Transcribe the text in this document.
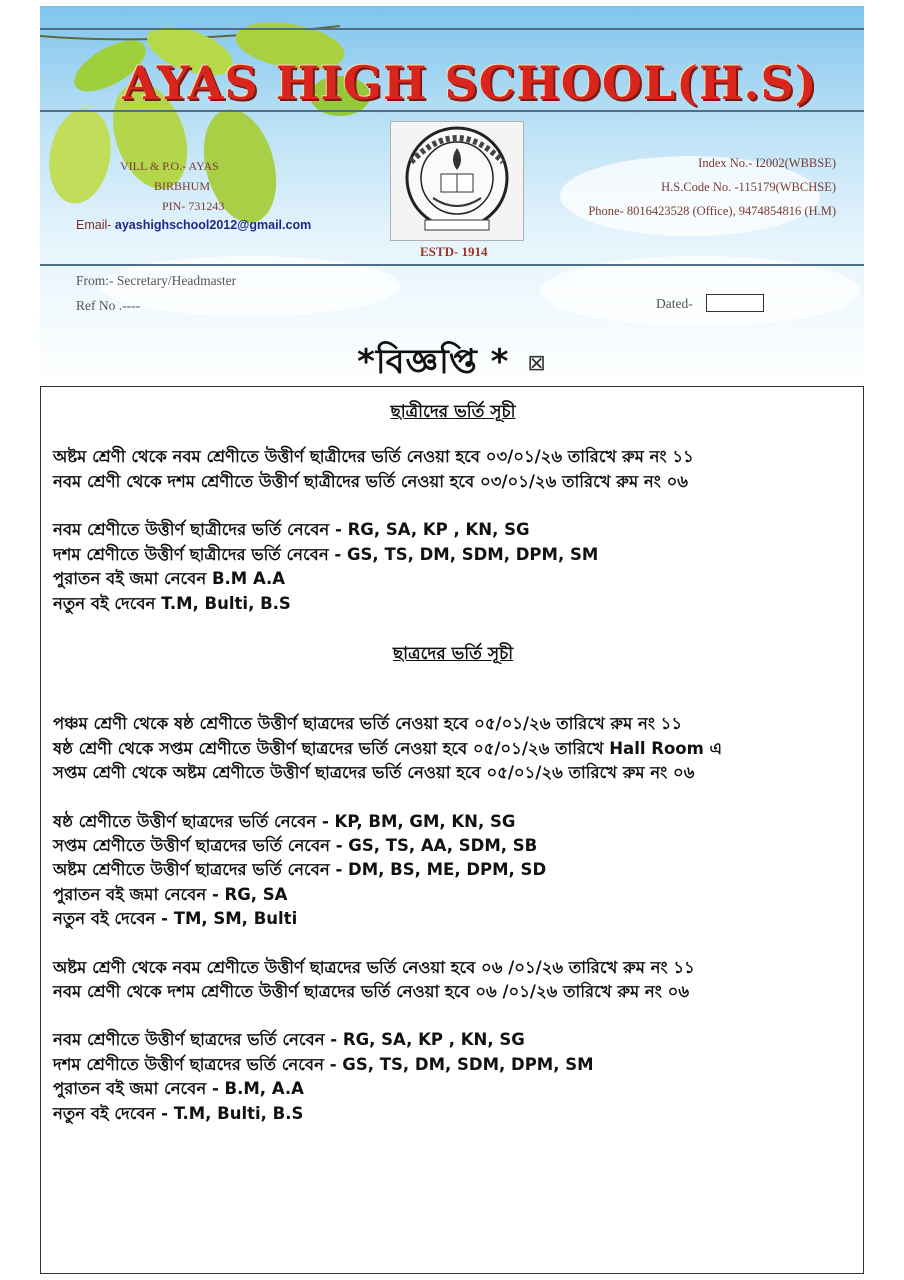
AYAS HIGH SCHOOL(H.S)
VILL & P.O.- AYAS
BIRBHUM
PIN- 731243
Email- ayashighschool2012@gmail.com
ESTD- 1914
Index No.- I2002(WBBSE)
H.S.Code No. -115179(WBCHSE)
Phone- 8016423528 (Office), 9474854816 (H.M)
From:- Secretary/Headmaster
Ref No .----	Dated-
*বিজ্ঞপ্তি * ⊠
ছাত্রীদের ভর্তি সূচী
অষ্টম শ্রেণী থেকে নবম শ্রেণীতে উত্তীর্ণ ছাত্রীদের ভর্তি নেওয়া হবে ০৩/০১/২৬ তারিখে রুম নং ১১
নবম শ্রেণী থেকে দশম শ্রেণীতে উত্তীর্ণ ছাত্রীদের ভর্তি নেওয়া হবে ০৩/০১/২৬ তারিখে রুম নং ০৬
নবম শ্রেণীতে উত্তীর্ণ ছাত্রীদের ভর্তি নেবেন - RG, SA, KP , KN, SG
দশম শ্রেণীতে উত্তীর্ণ ছাত্রীদের ভর্তি নেবেন - GS, TS, DM, SDM, DPM, SM
পুরাতন বই জমা নেবেন B.M A.A
নতুন বই দেবেন T.M, Bulti, B.S
ছাত্রদের ভর্তি সূচী
পঞ্চম শ্রেণী থেকে ষষ্ঠ শ্রেণীতে উত্তীর্ণ ছাত্রদের ভর্তি নেওয়া হবে ০৫/০১/২৬ তারিখে রুম নং ১১
ষষ্ঠ শ্রেণী থেকে সপ্তম শ্রেণীতে উত্তীর্ণ ছাত্রদের ভর্তি নেওয়া হবে ০৫/০১/২৬ তারিখে Hall Room এ
সপ্তম শ্রেণী থেকে অষ্টম শ্রেণীতে উত্তীর্ণ ছাত্রদের ভর্তি নেওয়া হবে ০৫/০১/২৬ তারিখে রুম নং ০৬
ষষ্ঠ শ্রেণীতে উত্তীর্ণ ছাত্রদের ভর্তি নেবেন - KP, BM, GM, KN, SG
সপ্তম শ্রেণীতে উত্তীর্ণ ছাত্রদের ভর্তি নেবেন - GS, TS, AA, SDM, SB
অষ্টম শ্রেণীতে উত্তীর্ণ ছাত্রদের ভর্তি নেবেন - DM, BS, ME, DPM, SD
পুরাতন বই জমা নেবেন - RG, SA
নতুন বই দেবেন - TM, SM, Bulti
অষ্টম শ্রেণী থেকে নবম শ্রেণীতে উত্তীর্ণ ছাত্রদের ভর্তি নেওয়া হবে ০৬ /০১/২৬ তারিখে রুম নং ১১
নবম শ্রেণী থেকে দশম শ্রেণীতে উত্তীর্ণ ছাত্রদের ভর্তি নেওয়া হবে ০৬ /০১/২৬ তারিখে রুম নং ০৬
নবম শ্রেণীতে উত্তীর্ণ ছাত্রদের ভর্তি নেবেন - RG, SA, KP , KN, SG
দশম শ্রেণীতে উত্তীর্ণ ছাত্রদের ভর্তি নেবেন - GS, TS, DM, SDM, DPM, SM
পুরাতন বই জমা নেবেন - B.M, A.A
নতুন বই দেবেন - T.M, Bulti, B.S
